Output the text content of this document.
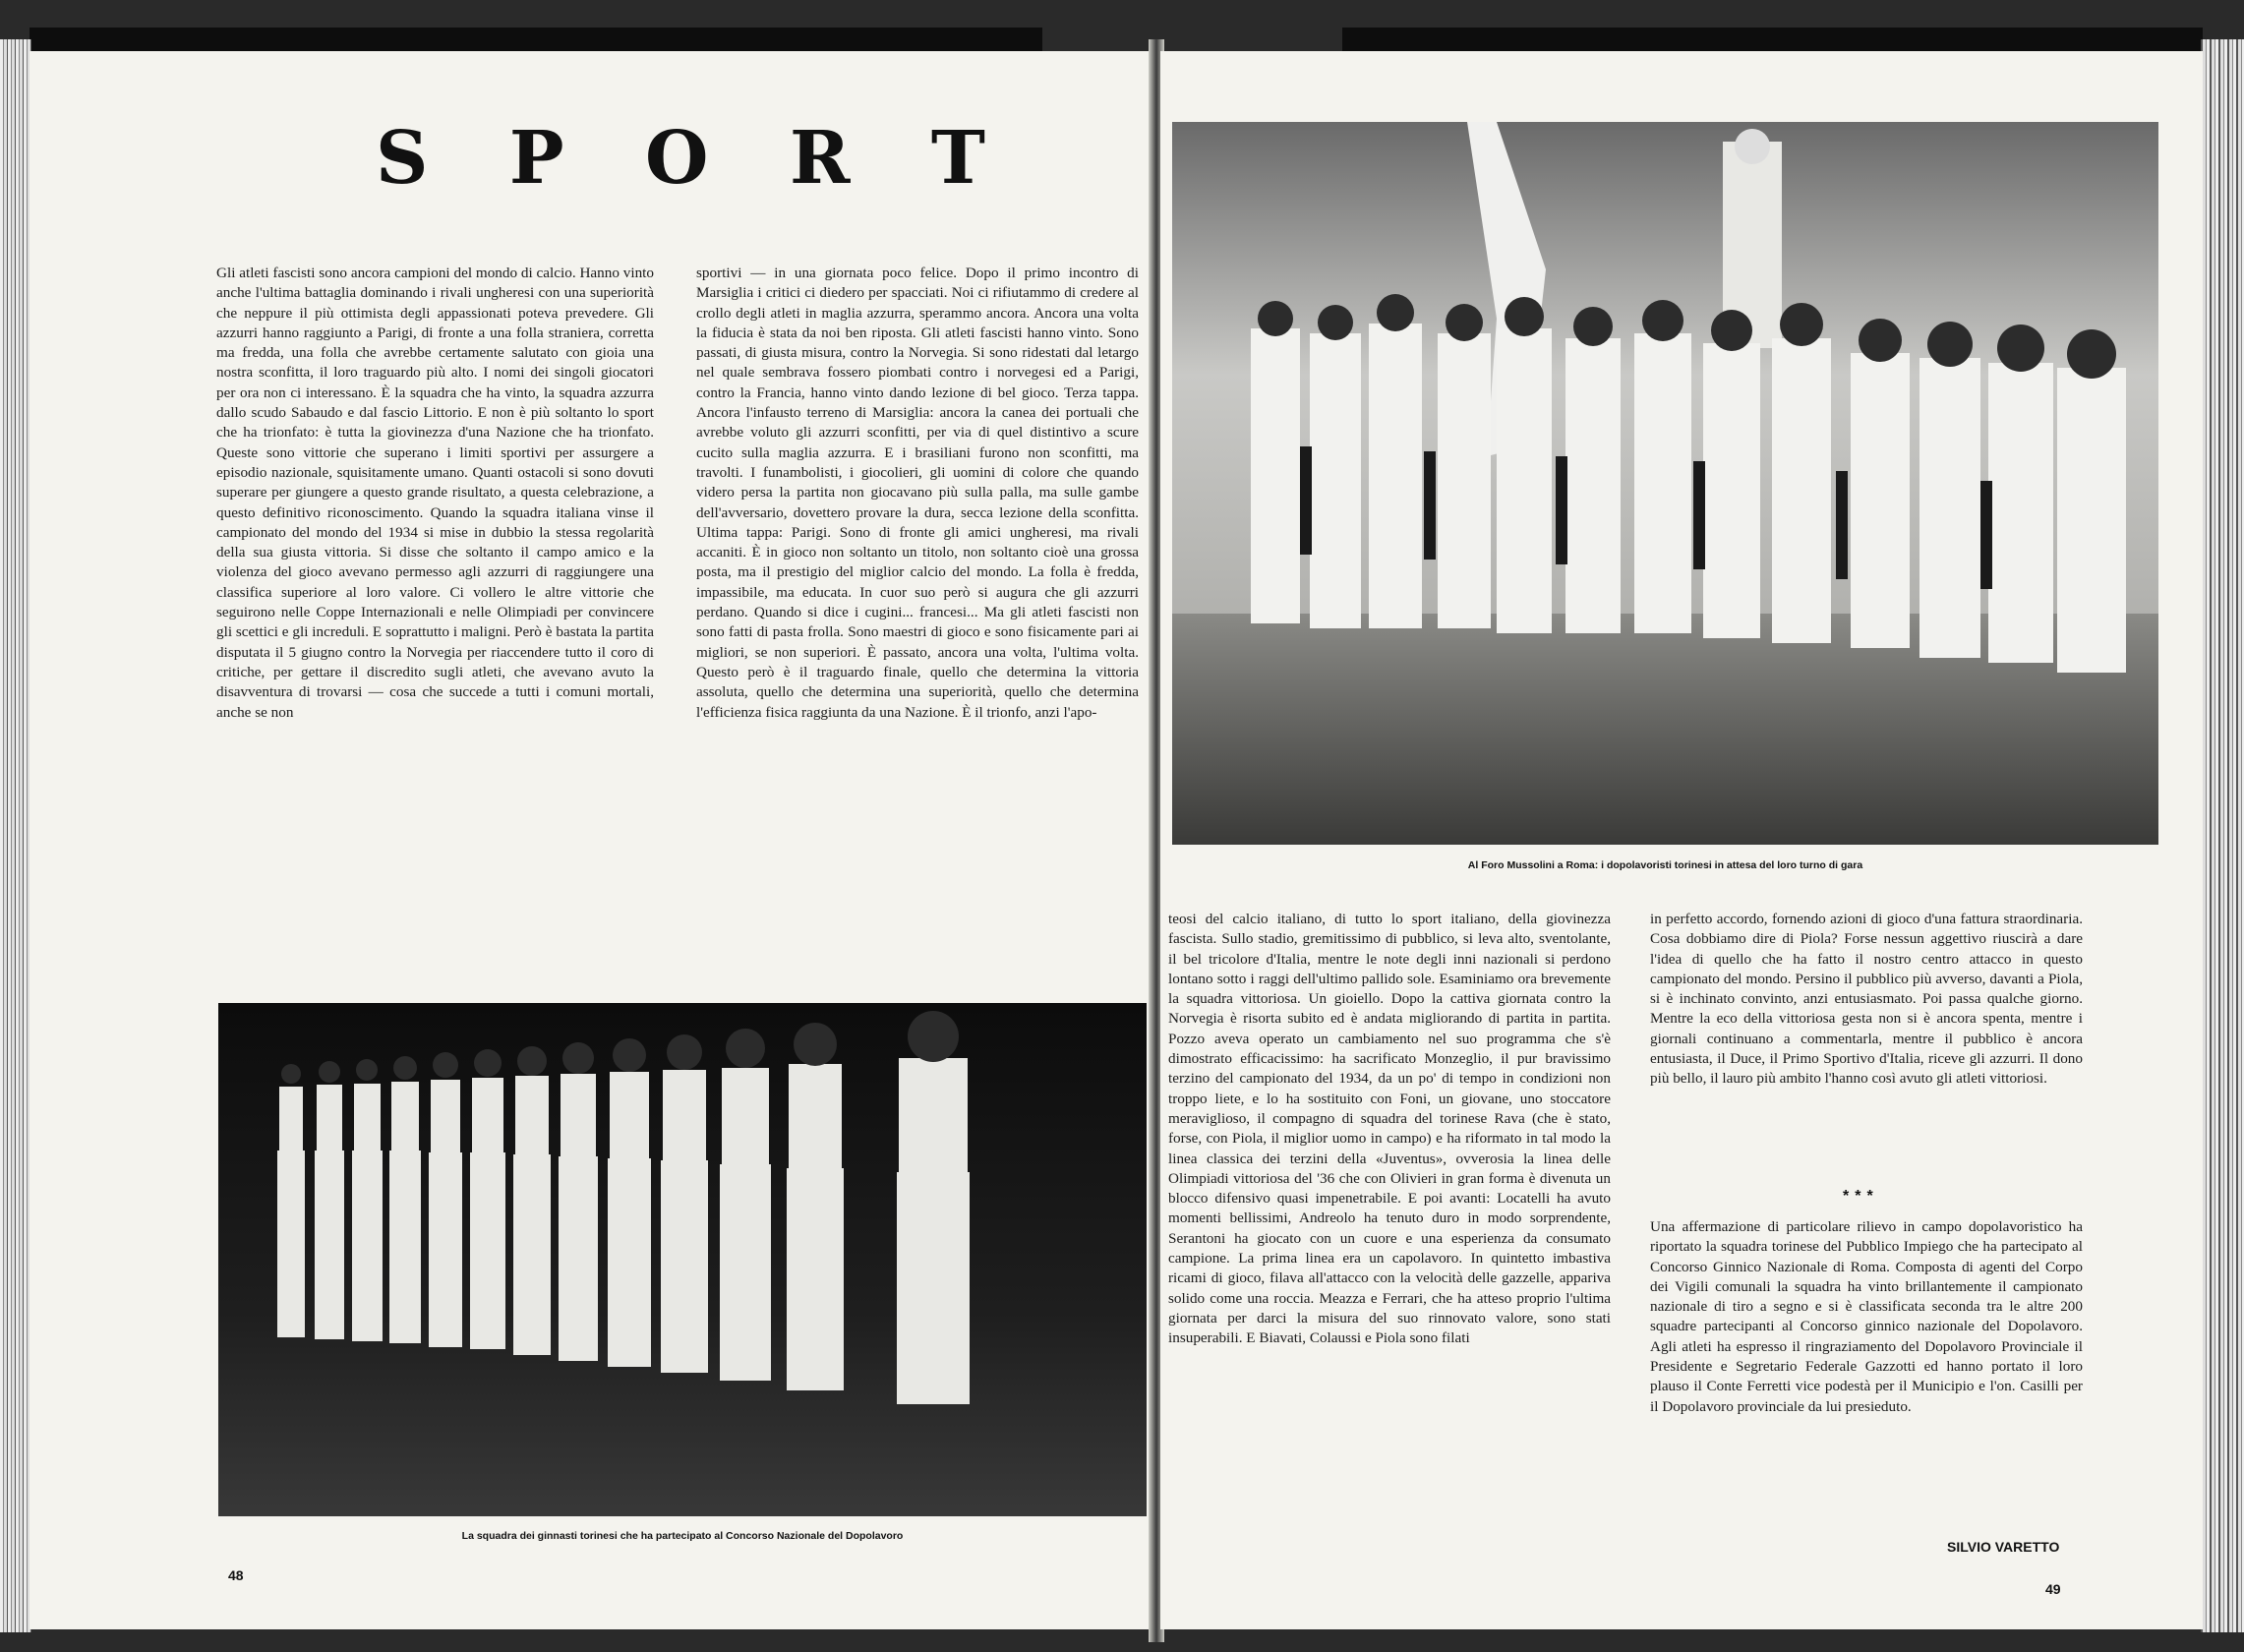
S P O R T

Gli atleti fascisti sono ancora campioni del mondo di calcio. Hanno vinto anche l'ultima battaglia dominando i rivali ungheresi con una superiorità che neppure il più ottimista degli appassionati poteva prevedere. Gli azzurri hanno raggiunto a Parigi, di fronte a una folla straniera, corretta ma fredda, una folla che avrebbe certamente salutato con gioia una nostra sconfitta, il loro traguardo più alto. I nomi dei singoli giocatori per ora non ci interessano. È la squadra che ha vinto, la squadra azzurra dallo scudo Sabaudo e dal fascio Littorio. E non è più soltanto lo sport che ha trionfato: è tutta la giovinezza d'una Nazione che ha trionfato. Queste sono vittorie che superano i limiti sportivi per assurgere a episodio nazionale, squisitamente umano. Quanti ostacoli si sono dovuti superare per giungere a questo grande risultato, a questa celebrazione, a questo definitivo riconoscimento. Quando la squadra italiana vinse il campionato del mondo del 1934 si mise in dubbio la stessa regolarità della sua giusta vittoria. Si disse che soltanto il campo amico e la violenza del gioco avevano permesso agli azzurri di raggiungere una classifica superiore al loro valore. Ci vollero le altre vittorie che seguirono nelle Coppe Internazionali e nelle Olimpiadi per convincere gli scettici e gli increduli. E soprattutto i maligni. Però è bastata la partita disputata il 5 giugno contro la Norvegia per riaccendere tutto il coro di critiche, per gettare il discredito sugli atleti, che avevano avuto la disavventura di trovarsi — cosa che succede a tutti i comuni mortali, anche se non

sportivi — in una giornata poco felice. Dopo il primo incontro di Marsiglia i critici ci diedero per spacciati. Noi ci rifiutammo di credere al crollo degli atleti in maglia azzurra, sperammo ancora. Ancora una volta la fiducia è stata da noi ben riposta. Gli atleti fascisti hanno vinto. Sono passati, di giusta misura, contro la Norvegia. Si sono ridestati dal letargo nel quale sembrava fossero piombati contro i norvegesi ed a Parigi, contro la Francia, hanno vinto dando lezione di bel gioco. Terza tappa. Ancora l'infausto terreno di Marsiglia: ancora la canea dei portuali che avrebbe voluto gli azzurri sconfitti, per via di quel distintivo a scure cucito sulla maglia azzurra. E i brasiliani furono non sconfitti, ma travolti. I funambolisti, i giocolieri, gli uomini di colore che quando videro persa la partita non giocavano più sulla palla, ma sulle gambe dell'avversario, dovettero provare la dura, secca lezione della sconfitta. Ultima tappa: Parigi. Sono di fronte gli amici ungheresi, ma rivali accaniti. È in gioco non soltanto un titolo, non soltanto cioè una grossa posta, ma il prestigio del miglior calcio del mondo. La folla è fredda, impassibile, ma educata. In cuor suo però si augura che gli azzurri perdano. Quando si dice i cugini... francesi... Ma gli atleti fascisti non sono fatti di pasta frolla. Sono maestri di gioco e sono fisicamente pari ai migliori, se non superiori. È passato, ancora una volta, l'ultima volta. Questo però è il traguardo finale, quello che determina la vittoria assoluta, quello che determina una superiorità, quello che determina l'efficienza fisica raggiunta da una Nazione. È il trionfo, anzi l'apo-

La squadra dei ginnasti torinesi che ha partecipato al Concorso Nazionale del Dopolavoro
48
Al Foro Mussolini a Roma: i dopolavoristi torinesi in attesa del loro turno di gara

teosi del calcio italiano, di tutto lo sport italiano, della giovinezza fascista. Sullo stadio, gremitissimo di pubblico, si leva alto, sventolante, il bel tricolore d'Italia, mentre le note degli inni nazionali si perdono lontano sotto i raggi dell'ultimo pallido sole. Esaminiamo ora brevemente la squadra vittoriosa. Un gioiello. Dopo la cattiva giornata contro la Norvegia è risorta subito ed è andata migliorando di partita in partita. Pozzo aveva operato un cambiamento nel suo programma che s'è dimostrato efficacissimo: ha sacrificato Monzeglio, il pur bravissimo terzino del campionato del 1934, da un po' di tempo in condizioni non troppo liete, e lo ha sostituito con Foni, un giovane, uno stoccatore meraviglioso, il compagno di squadra del torinese Rava (che è stato, forse, con Piola, il miglior uomo in campo) e ha riformato in tal modo la linea classica dei terzini della «Juventus», ovverosia la linea delle Olimpiadi vittoriosa del '36 che con Olivieri in gran forma è divenuta un blocco difensivo quasi impenetrabile. E poi avanti: Locatelli ha avuto momenti bellissimi, Andreolo ha tenuto duro in modo sorprendente, Serantoni ha giocato con un cuore e una esperienza da consumato campione. La prima linea era un capolavoro. In quintetto imbastiva ricami di gioco, filava all'attacco con la velocità delle gazzelle, appariva solido come una roccia. Meazza e Ferrari, che ha atteso proprio l'ultima giornata per darci la misura del suo rinnovato valore, sono stati insuperabili. E Biavati, Colaussi e Piola sono filati

in perfetto accordo, fornendo azioni di gioco d'una fattura straordinaria. Cosa dobbiamo dire di Piola? Forse nessun aggettivo riuscirà a dare l'idea di quello che ha fatto il nostro centro attacco in questo campionato del mondo. Persino il pubblico più avverso, davanti a Piola, si è inchinato convinto, anzi entusiasmato. Poi passa qualche giorno. Mentre la eco della vittoriosa gesta non si è ancora spenta, mentre i giornali continuano a commentarla, mentre il pubblico è ancora entusiasta, il Duce, il Primo Sportivo d'Italia, riceve gli azzurri. Il dono più bello, il lauro più ambito l'hanno così avuto gli atleti vittoriosi.

***

Una affermazione di particolare rilievo in campo dopolavoristico ha riportato la squadra torinese del Pubblico Impiego che ha partecipato al Concorso Ginnico Nazionale di Roma. Composta di agenti del Corpo dei Vigili comunali la squadra ha vinto brillantemente il campionato nazionale di tiro a segno e si è classificata seconda tra le altre 200 squadre partecipanti al Concorso ginnico nazionale del Dopolavoro. Agli atleti ha espresso il ringraziamento del Dopolavoro Provinciale il Presidente e Segretario Federale Gazzotti ed hanno portato il loro plauso il Conte Ferretti vice podestà per il Municipio e l'on. Casilli per il Dopolavoro provinciale da lui presieduto.

SILVIO VARETTO
49
